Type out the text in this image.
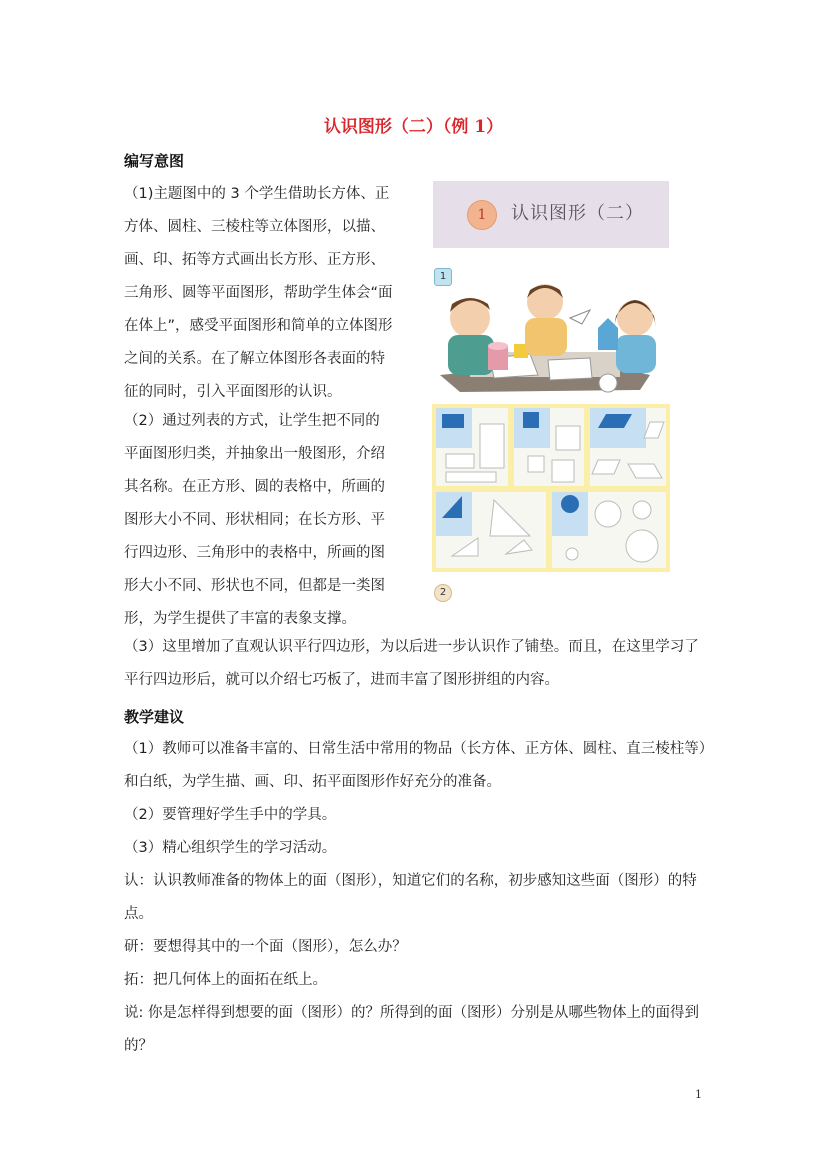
认识图形（二）（例 1）
编写意图
（1)主题图中的 3 个学生借助长方体、正方体、圆柱、三棱柱等立体图形，以描、画、印、拓等方式画出长方形、正方形、三角形、圆等平面图形，帮助学生体会“面在体上”，感受平面图形和简单的立体图形之间的关系。在了解立体图形各表面的特征的同时，引入平面图形的认识。
（2）通过列表的方式，让学生把不同的平面图形归类，并抽象出一般图形，介绍其名称。在正方形、圆的表格中，所画的图形大小不同、形状相同；在长方形、平行四边形、三角形中的表格中，所画的图形大小不同、形状也不同，但都是一类图形，为学生提供了丰富的表象支撑。
（3）这里增加了直观认识平行四边形，为以后进一步认识作了铺垫。而且，在这里学习了平行四边形后，就可以介绍七巧板了，进而丰富了图形拼组的内容。
1	认识图形（二）
1
2
教学建议

（1）教师可以准备丰富的、日常生活中常用的物品（长方体、正方体、圆柱、直三棱柱等）和白纸，为学生描、画、印、拓平面图形作好充分的准备。

（2）要管理好学生手中的学具。

（3）精心组织学生的学习活动。

认：认识教师准备的物体上的面（图形），知道它们的名称，初步感知这些面（图形）的特点。

研：要想得其中的一个面（图形），怎么办？

拓：把几何体上的面拓在纸上。

说: 你是怎样得到想要的面（图形）的？所得到的面（图形）分别是从哪些物体上的面得到的？

1
